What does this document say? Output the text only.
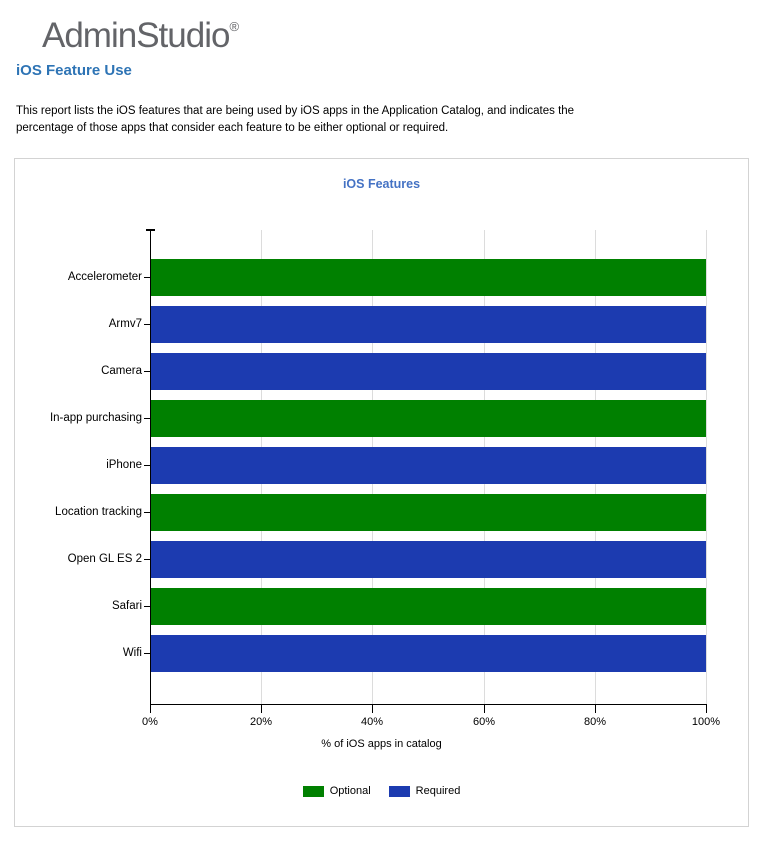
AdminStudio®
iOS Feature Use
This report lists the iOS features that are being used by iOS apps in the Application Catalog, and indicates the percentage of those apps that consider each feature to be either optional or required.
iOS Features
Accelerometer
Armv7
Camera
In-app purchasing
iPhone
Location tracking
Open GL ES 2
Safari
Wifi
0%	20%	40%	60%	80%	100%
% of iOS apps in catalog
Optional	Required
